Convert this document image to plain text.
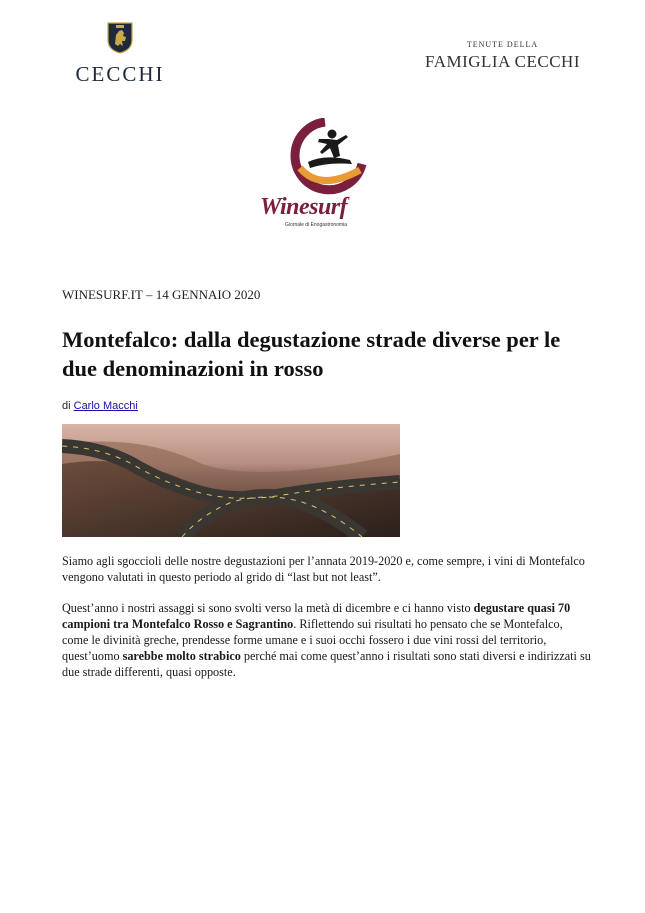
CECCHI
TENUTE DELLA
FAMIGLIA CECCHI
Winesurf
Giornale di Enogastronomia
WINESURF.IT – 14 GENNAIO 2020
Montefalco: dalla degustazione strade diverse per le due denominazioni in rosso
di Carlo Macchi

Siamo agli sgoccioli delle nostre degustazioni per l’annata 2019-2020 e, come sempre, i vini di Montefalco vengono valutati in questo periodo al grido di “last but not least”.

Quest’anno i nostri assaggi si sono svolti verso la metà di dicembre e ci hanno visto degustare quasi 70 campioni tra Montefalco Rosso e Sagrantino. Riflettendo sui risultati ho pensato che se Montefalco, come le divinità greche, prendesse forme umane e i suoi occhi fossero i due vini rossi del territorio, quest’uomo sarebbe molto strabico perché mai come quest’anno i risultati sono stati diversi e indirizzati su due strade differenti, quasi opposte.
